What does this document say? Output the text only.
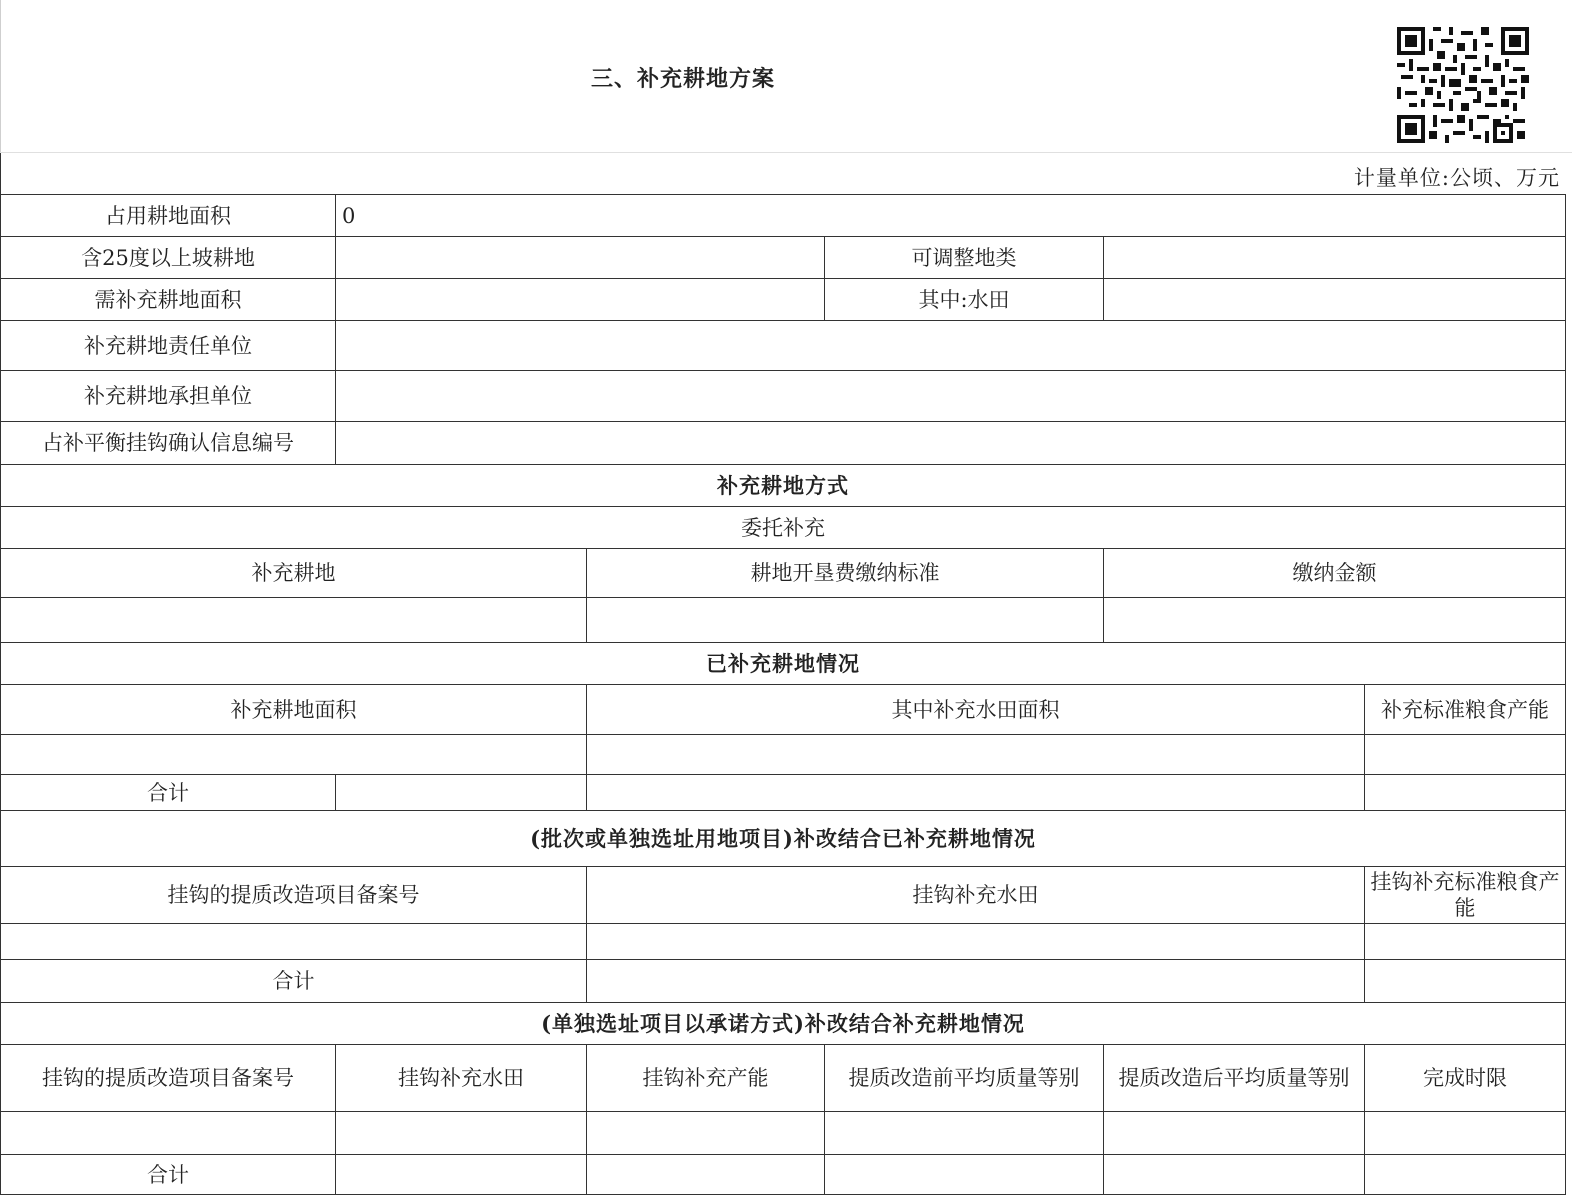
三、补充耕地方案
计量单位:公顷、万元
占用耕地面积	0				
含25度以上坡耕地			可调整地类		
需补充耕地面积			其中:水田		
补充耕地责任单位					
补充耕地承担单位					
占补平衡挂钩确认信息编号					
补充耕地方式					
委托补充					
补充耕地		耕地开垦费缴纳标准		缴纳金额	

已补充耕地情况					
补充耕地面积		其中补充水田面积			补充标准粮食产能

合计					
(批次或单独选址用地项目)补改结合已补充耕地情况					
挂钩的提质改造项目备案号		挂钩补充水田			挂钩补充标准粮食产能

合计					
(单独选址项目以承诺方式)补改结合补充耕地情况					
挂钩的提质改造项目备案号	挂钩补充水田	挂钩补充产能	提质改造前平均质量等别	提质改造后平均质量等别	完成时限

合计					
